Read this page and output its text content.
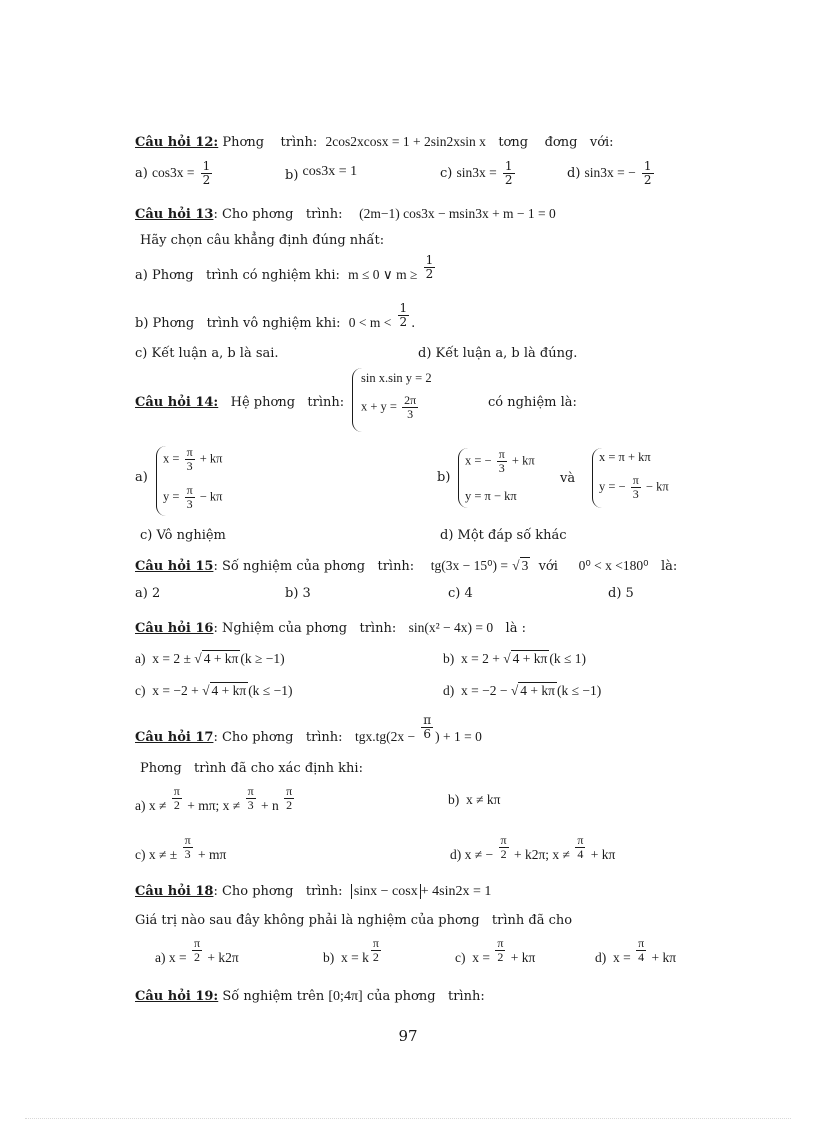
Câu hỏi 12: Phơng trình: 2cos2xcosx = 1 + 2sin2xsin x tơng đơng với:
a) $\cos 3x = \frac{1}{2}$	b) cos3x = 1	c) $\sin 3x = \frac{1}{2}$	d) sin3x = − $\frac{1}{2}$
Câu hỏi 13: Cho phơng   trình: (2m−1) cos3x − msin3x + m − 1 = 0
Hãy chọn câu khẳng định đúng nhất:
a) Phơng   trình có nghiệm khi: m ≤ 0 ∨ $m \ge \frac{1}{2}$
b) Phơng   trình vô nghiệm khi: $0 < m < \frac{1}{2}$ .
c) Kết luận a, b là sai.	d) Kết luận a, b là đúng.
Câu hỏi 14: Hệ phơng   trình:
sin x.sin y = 2
$x + y = \frac{2\pi}{3}$	có nghiệm là:
a)
$x = \frac{\pi}{3} + k\pi$
$y = \frac{\pi}{3} - k\pi$
b)
x = − $\frac{\pi}{3} + k\pi$
y = π − kπ
và
x = π + kπ
y = − $\frac{\pi}{3} - k\pi$
c) Vô nghiệm	d) Một đáp số khác
Câu hỏi 15: Số nghiệm của phơng   trình: tg(3x − 15⁰) = √ 3 với 0⁰ < x <180⁰ là:
a) 2	b) 3	c) 4	d) 5
Câu hỏi 16: Nghiệm của phơng   trình: sin(x² − 4x) = 0 là :
a)  x = 2 ± √ 4 + kπ (k ≥ −1)	b)  x = 2 + √ 4 + kπ (k ≤ 1)
c)  x = −2 + √ 4 + kπ (k ≤ −1)	d)  x = −2 − √ 4 + kπ (k ≤ −1)
Câu hỏi 17: Cho phơng   trình: $tgx.tg(2x - \frac{\pi}{6}$ ) + 1 = 0
Phơng   trình đã cho xác định khi:
a) $x \ne \frac{\pi}{2} + m\pi$; $x \ne \frac{\pi}{3} + n \frac{\pi}{2}$	b) x ≠ kπ
c) x ≠ ± $\frac{\pi}{3} + m\pi$	d) x ≠ − $\frac{\pi}{2} + k2\pi$; $x \ne \frac{\pi}{4} + k\pi$
Câu hỏi 18: Cho phơng   trình: sinx − cosx + 4sin2x = 1
Giá trị nào sau đây không phải là nghiệm của phơng   trình đã cho
a) $x = \frac{\pi}{2} + k2\pi$	b)  x = k $\frac{\pi}{2}$	c)  $x = \frac{\pi}{2} + k\pi$	d)  $x = \frac{\pi}{4} + k\pi$
Câu hỏi 19: Số nghiệm trên [0;4π] của phơng   trình:
97
